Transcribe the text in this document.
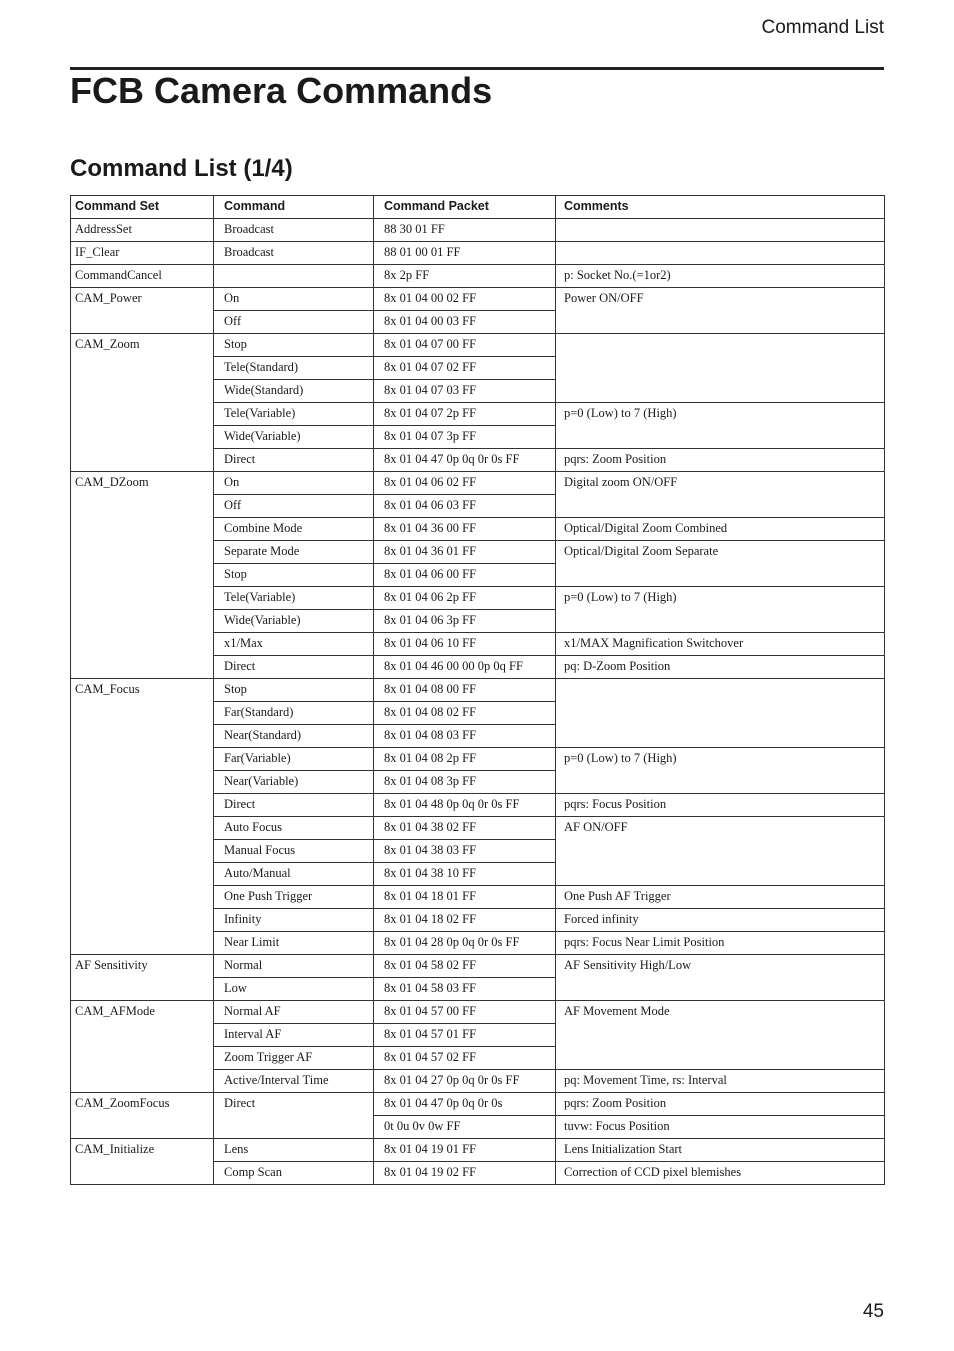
Command List
FCB Camera Commands
Command List (1/4)
Command Set	Command	Command Packet	Comments
AddressSet	Broadcast	88 30 01 FF	
IF_Clear	Broadcast	88 01 00 01 FF	
CommandCancel		8x 2p FF	p: Socket No.(=1or2)
CAM_Power	On	8x 01 04 00 02 FF	Power ON/OFF
	Off	8x 01 04 00 03 FF	
CAM_Zoom	Stop	8x 01 04 07 00 FF	
	Tele(Standard)	8x 01 04 07 02 FF	
	Wide(Standard)	8x 01 04 07 03 FF	
	Tele(Variable)	8x 01 04 07 2p FF	p=0 (Low) to 7 (High)
	Wide(Variable)	8x 01 04 07 3p FF	
	Direct	8x 01 04 47 0p 0q 0r 0s FF	pqrs: Zoom Position
CAM_DZoom	On	8x 01 04 06 02 FF	Digital zoom ON/OFF
	Off	8x 01 04 06 03 FF	
	Combine Mode	8x 01 04 36 00 FF	Optical/Digital Zoom Combined
	Separate Mode	8x 01 04 36 01 FF	Optical/Digital Zoom Separate
	Stop	8x 01 04 06 00 FF	
	Tele(Variable)	8x 01 04 06 2p FF	p=0 (Low) to 7 (High)
	Wide(Variable)	8x 01 04 06 3p FF	
	x1/Max	8x 01 04 06 10 FF	x1/MAX Magnification Switchover
	Direct	8x 01 04 46 00 00 0p 0q FF	pq: D-Zoom Position
CAM_Focus	Stop	8x 01 04 08 00 FF	
	Far(Standard)	8x 01 04 08 02 FF	
	Near(Standard)	8x 01 04 08 03 FF	
	Far(Variable)	8x 01 04 08 2p FF	p=0 (Low) to 7 (High)
	Near(Variable)	8x 01 04 08 3p FF	
	Direct	8x 01 04 48 0p 0q 0r 0s FF	pqrs: Focus Position
	Auto Focus	8x 01 04 38 02 FF	AF ON/OFF
	Manual Focus	8x 01 04 38 03 FF	
	Auto/Manual	8x 01 04 38 10 FF	
	One Push Trigger	8x 01 04 18 01 FF	One Push AF Trigger
	Infinity	8x 01 04 18 02 FF	Forced infinity
	Near Limit	8x 01 04 28 0p 0q 0r 0s FF	pqrs: Focus Near Limit Position
AF Sensitivity	Normal	8x 01 04 58 02 FF	AF Sensitivity High/Low
	Low	8x 01 04 58 03 FF	
CAM_AFMode	Normal AF	8x 01 04 57 00 FF	AF Movement Mode
	Interval AF	8x 01 04 57 01 FF	
	Zoom Trigger AF	8x 01 04 57 02 FF	
	Active/Interval Time	8x 01 04 27 0p 0q 0r 0s FF	pq: Movement Time, rs: Interval
CAM_ZoomFocus	Direct	8x 01 04 47 0p 0q 0r 0s	pqrs: Zoom Position
		0t 0u 0v 0w FF	tuvw: Focus Position
CAM_Initialize	Lens	8x 01 04 19 01 FF	Lens Initialization Start
	Comp Scan	8x 01 04 19 02 FF	Correction of CCD pixel blemishes
45
